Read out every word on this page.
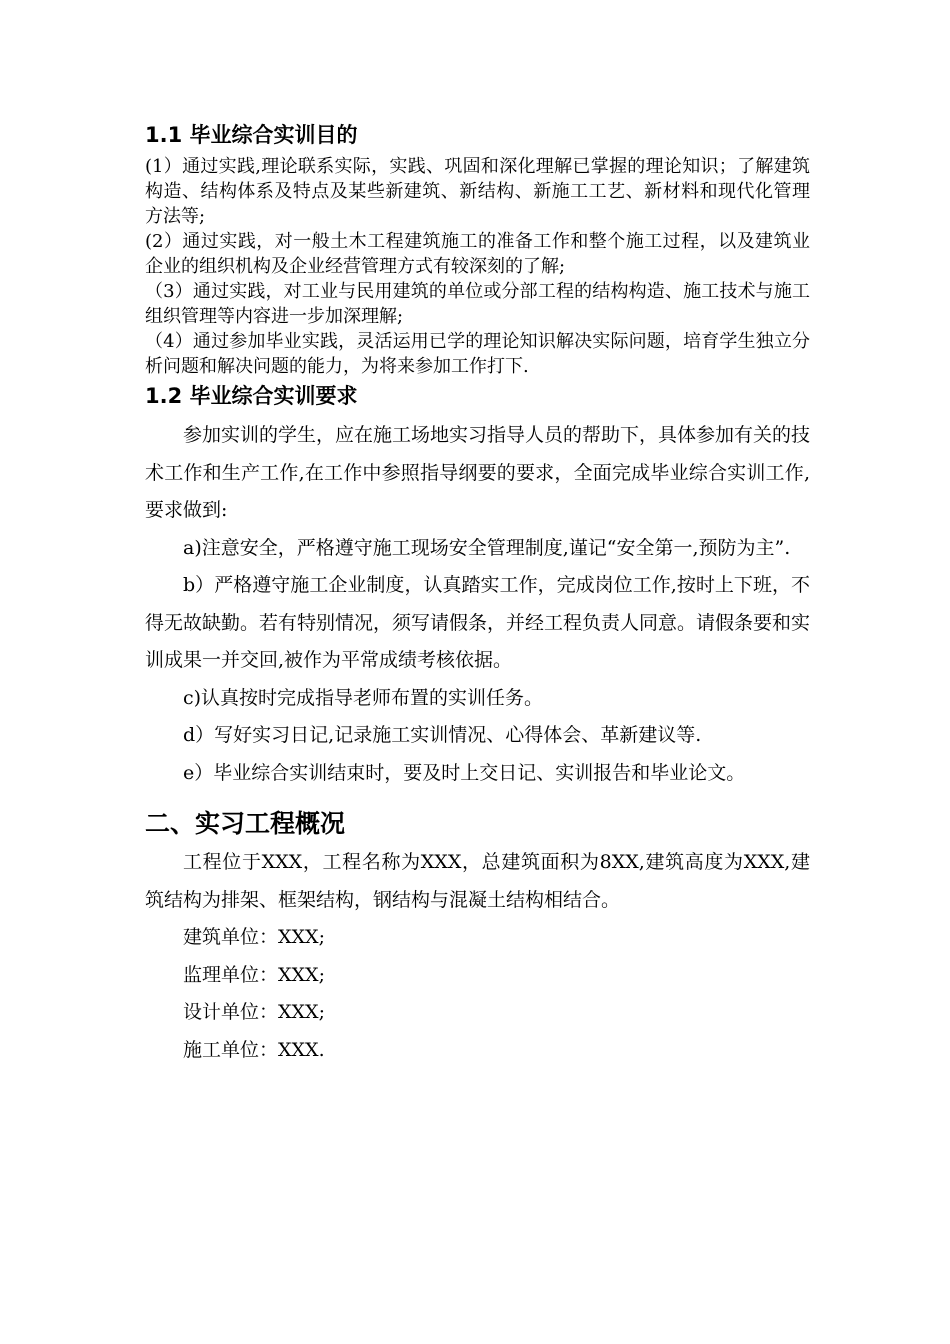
1.1 毕业综合实训目的

(1）通过实践,理论联系实际，实践、巩固和深化理解已掌握的理论知识；了解建筑构造、结构体系及特点及某些新建筑、新结构、新施工工艺、新材料和现代化管理方法等;

(2）通过实践，对一般土木工程建筑施工的准备工作和整个施工过程，以及建筑业企业的组织机构及企业经营管理方式有较深刻的了解;

（3）通过实践，对工业与民用建筑的单位或分部工程的结构构造、施工技术与施工组织管理等内容进一步加深理解;

（4）通过参加毕业实践，灵活运用已学的理论知识解决实际问题，培育学生独立分析问题和解决问题的能力，为将来参加工作打下.

1.2 毕业综合实训要求

参加实训的学生，应在施工场地实习指导人员的帮助下，具体参加有关的技术工作和生产工作,在工作中参照指导纲要的要求，全面完成毕业综合实训工作,要求做到:

a)注意安全，严格遵守施工现场安全管理制度,谨记“安全第一,预防为主”.

b）严格遵守施工企业制度，认真踏实工作，完成岗位工作,按时上下班，不得无故缺勤。若有特别情况，须写请假条，并经工程负责人同意。请假条要和实训成果一并交回,被作为平常成绩考核依据。

c)认真按时完成指导老师布置的实训任务。

d）写好实习日记,记录施工实训情况、心得体会、革新建议等.

e）毕业综合实训结束时，要及时上交日记、实训报告和毕业论文。

二、实习工程概况

工程位于XXX，工程名称为XXX，总建筑面积为8XX,建筑高度为XXX,建筑结构为排架、框架结构，钢结构与混凝土结构相结合。

建筑单位：XXX;

监理单位：XXX;

设计单位：XXX;

施工单位：XXX.
